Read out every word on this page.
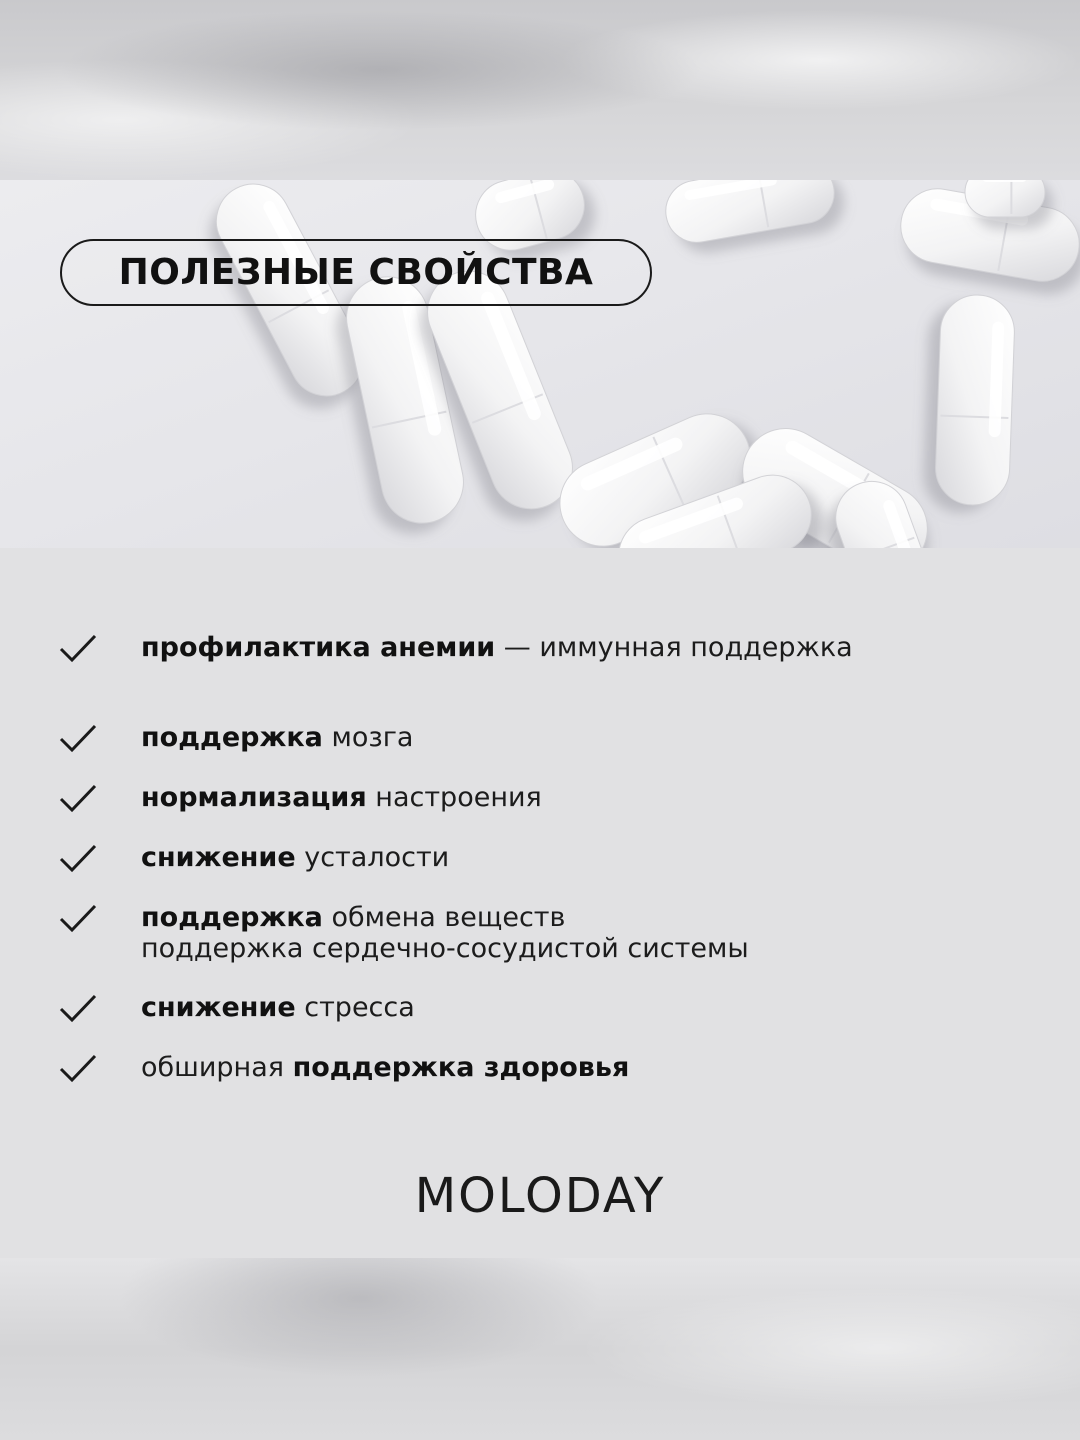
ПОЛЕЗНЫЕ СВОЙСТВА
профилактика анемии — иммунная поддержка
поддержка мозга
нормализация настроения
снижение усталости
поддержка обмена веществ
поддержка сердечно-сосудистой системы
снижение стресса
обширная поддержка здоровья
MOLODAY
